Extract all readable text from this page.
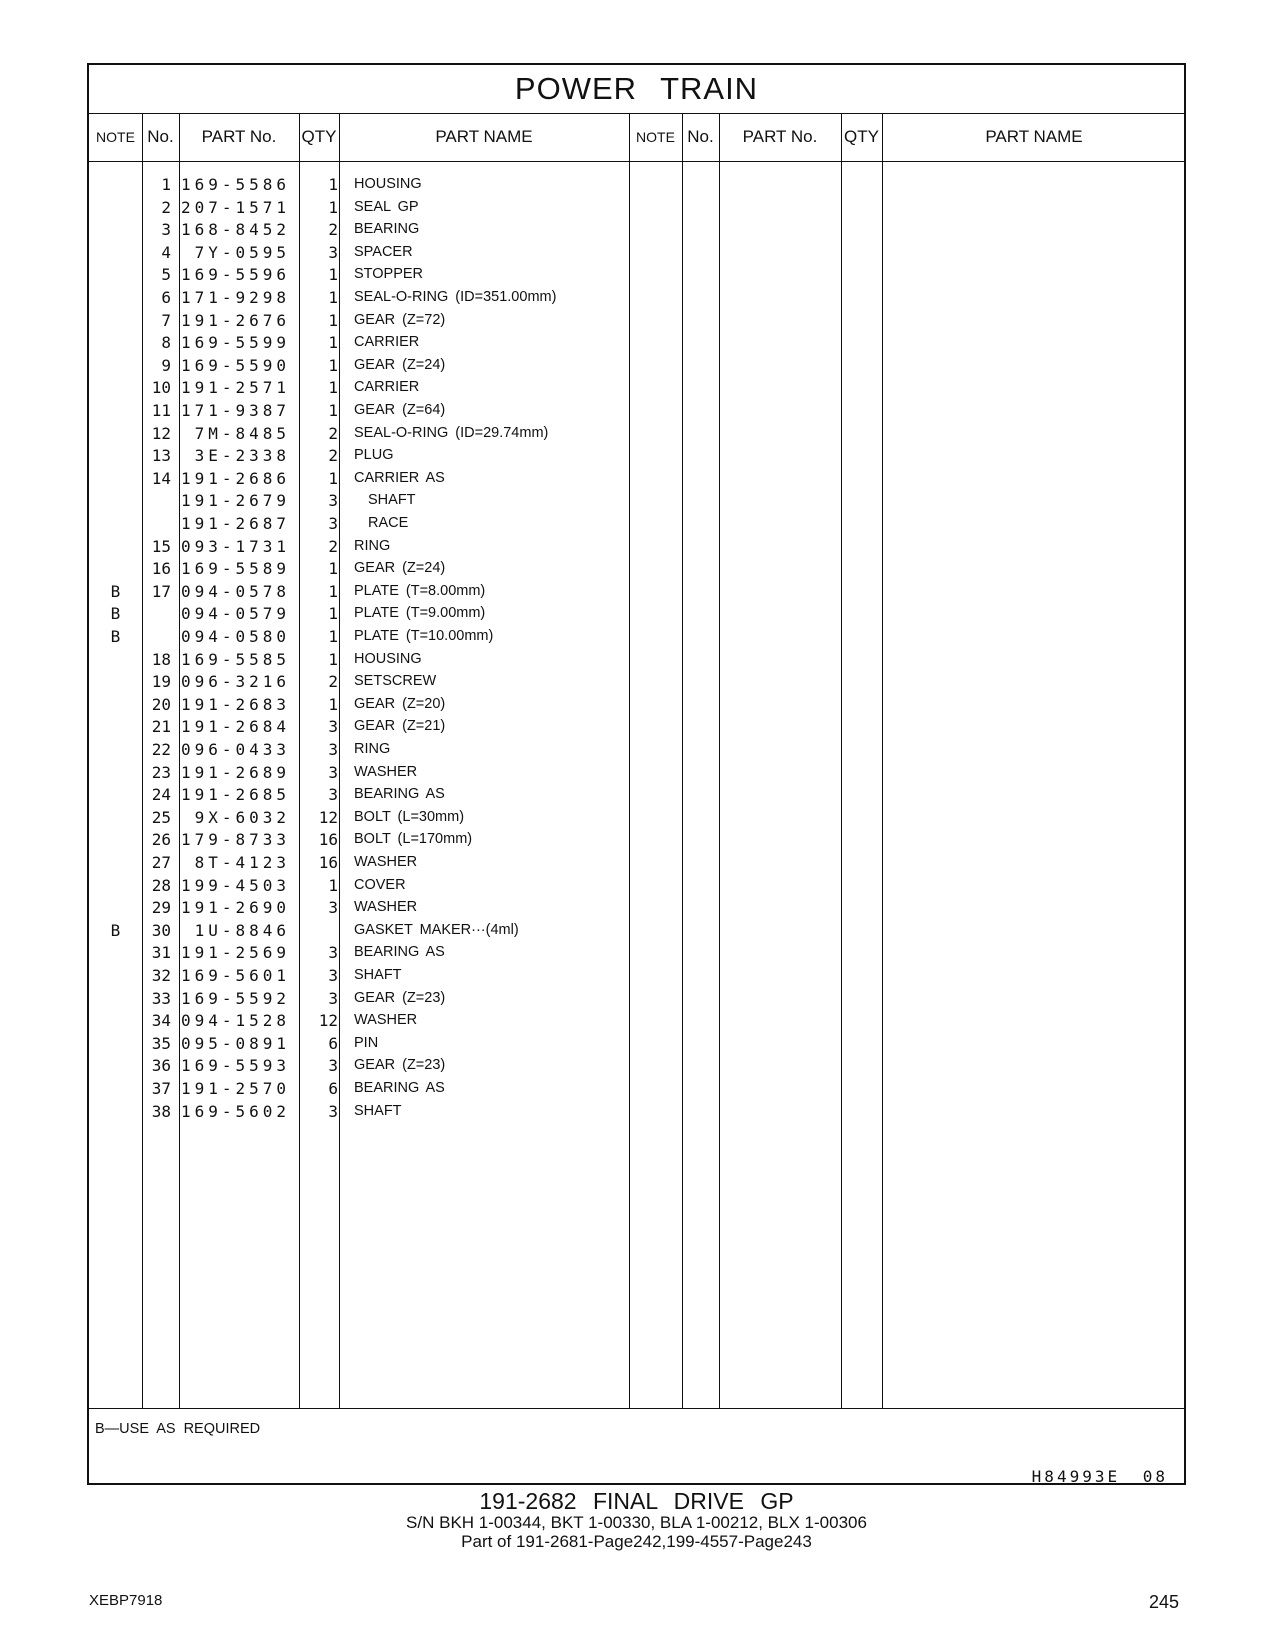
POWER TRAIN
NOTE No.	PART No.	QTY	PART NAME	NOTE No.	PART No.	QTY	PART NAME
1 169-5586	1 HOUSING
2 207-1571	1 SEAL GP
3 168-8452	2 BEARING
4	7Y-0595	3 SPACER
5 169-5596	1 STOPPER
6 171-9298	1 SEAL-O-RING (ID=351.00mm)
7 191-2676	1 GEAR (Z=72)
8 169-5599	1 CARRIER
9 169-5590	1 GEAR (Z=24)
10 191-2571	1 CARRIER
11 171-9387	1 GEAR (Z=64)
12	7M-8485	2 SEAL-O-RING (ID=29.74mm)
13	3E-2338	2 PLUG
14 191-2686	1 CARRIER AS
191-2679	3	SHAFT
191-2687	3	RACE
15 093-1731	2 RING
16 169-5589	1 GEAR (Z=24)
B	17 094-0578	1 PLATE (T=8.00mm)
B	094-0579	1 PLATE (T=9.00mm)
B	094-0580	1 PLATE (T=10.00mm)
18 169-5585	1 HOUSING
19 096-3216	2 SETSCREW
20 191-2683	1 GEAR (Z=20)
21 191-2684	3 GEAR (Z=21)
22 096-0433	3 RING
23 191-2689	3 WASHER
24 191-2685	3 BEARING AS
25	9X-6032	12 BOLT (L=30mm)
26 179-8733	16 BOLT (L=170mm)
27	8T-4123	16 WASHER
28 199-4503	1 COVER
29 191-2690	3 WASHER
B	30	1U-8846	GASKET MAKER···(4ml)
31 191-2569	3 BEARING AS
32 169-5601	3 SHAFT
33 169-5592	3 GEAR (Z=23)
34 094-1528	12 WASHER
35 095-0891	6 PIN
36 169-5593	3 GEAR (Z=23)
37 191-2570	6 BEARING AS
38 169-5602	3 SHAFT
B—USE AS REQUIRED
H84993E 08
191-2682 FINAL DRIVE GP
S/N BKH 1-00344, BKT 1-00330, BLA 1-00212, BLX 1-00306
Part of 191-2681-Page242,199-4557-Page243
XEBP7918	245
